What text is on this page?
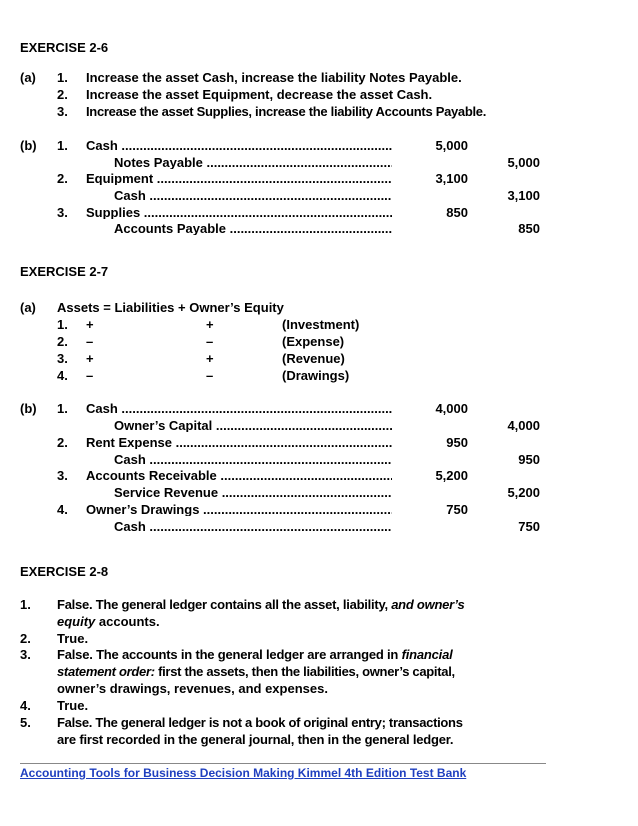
EXERCISE 2-6
(a) 1. Increase the asset Cash, increase the liability Notes Payable.
2. Increase the asset Equipment, decrease the asset Cash.
3. Increase the asset Supplies, increase the liability Accounts Payable.
(b) 1. Cash .....	5,000
Notes Payable .....	5,000
2. Equipment .....	3,100
Cash .....	3,100
3. Supplies .....	850
Accounts Payable .....	850
EXERCISE 2-7
(a) Assets = Liabilities + Owner’s Equity
1. +	+	(Investment)
2. –	–	(Expense)
3. +	+	(Revenue)
4. –	–	(Drawings)
(b) 1. Cash .....	4,000
Owner’s Capital .....	4,000
2. Rent Expense .....	950
Cash .....	950
3. Accounts Receivable .....	5,200
Service Revenue .....	5,200
4. Owner’s Drawings .....	750
Cash .....	750
EXERCISE 2-8
1. False. The general ledger contains all the asset, liability, and owner’s
equity accounts.
2. True.
3. False. The accounts in the general ledger are arranged in financial
statement order: first the assets, then the liabilities, owner’s capital,
owner’s drawings, revenues, and expenses.
4. True.
5. False. The general ledger is not a book of original entry; transactions
are first recorded in the general journal, then in the general ledger.
Accounting Tools for Business Decision Making Kimmel 4th Edition Test Bank
